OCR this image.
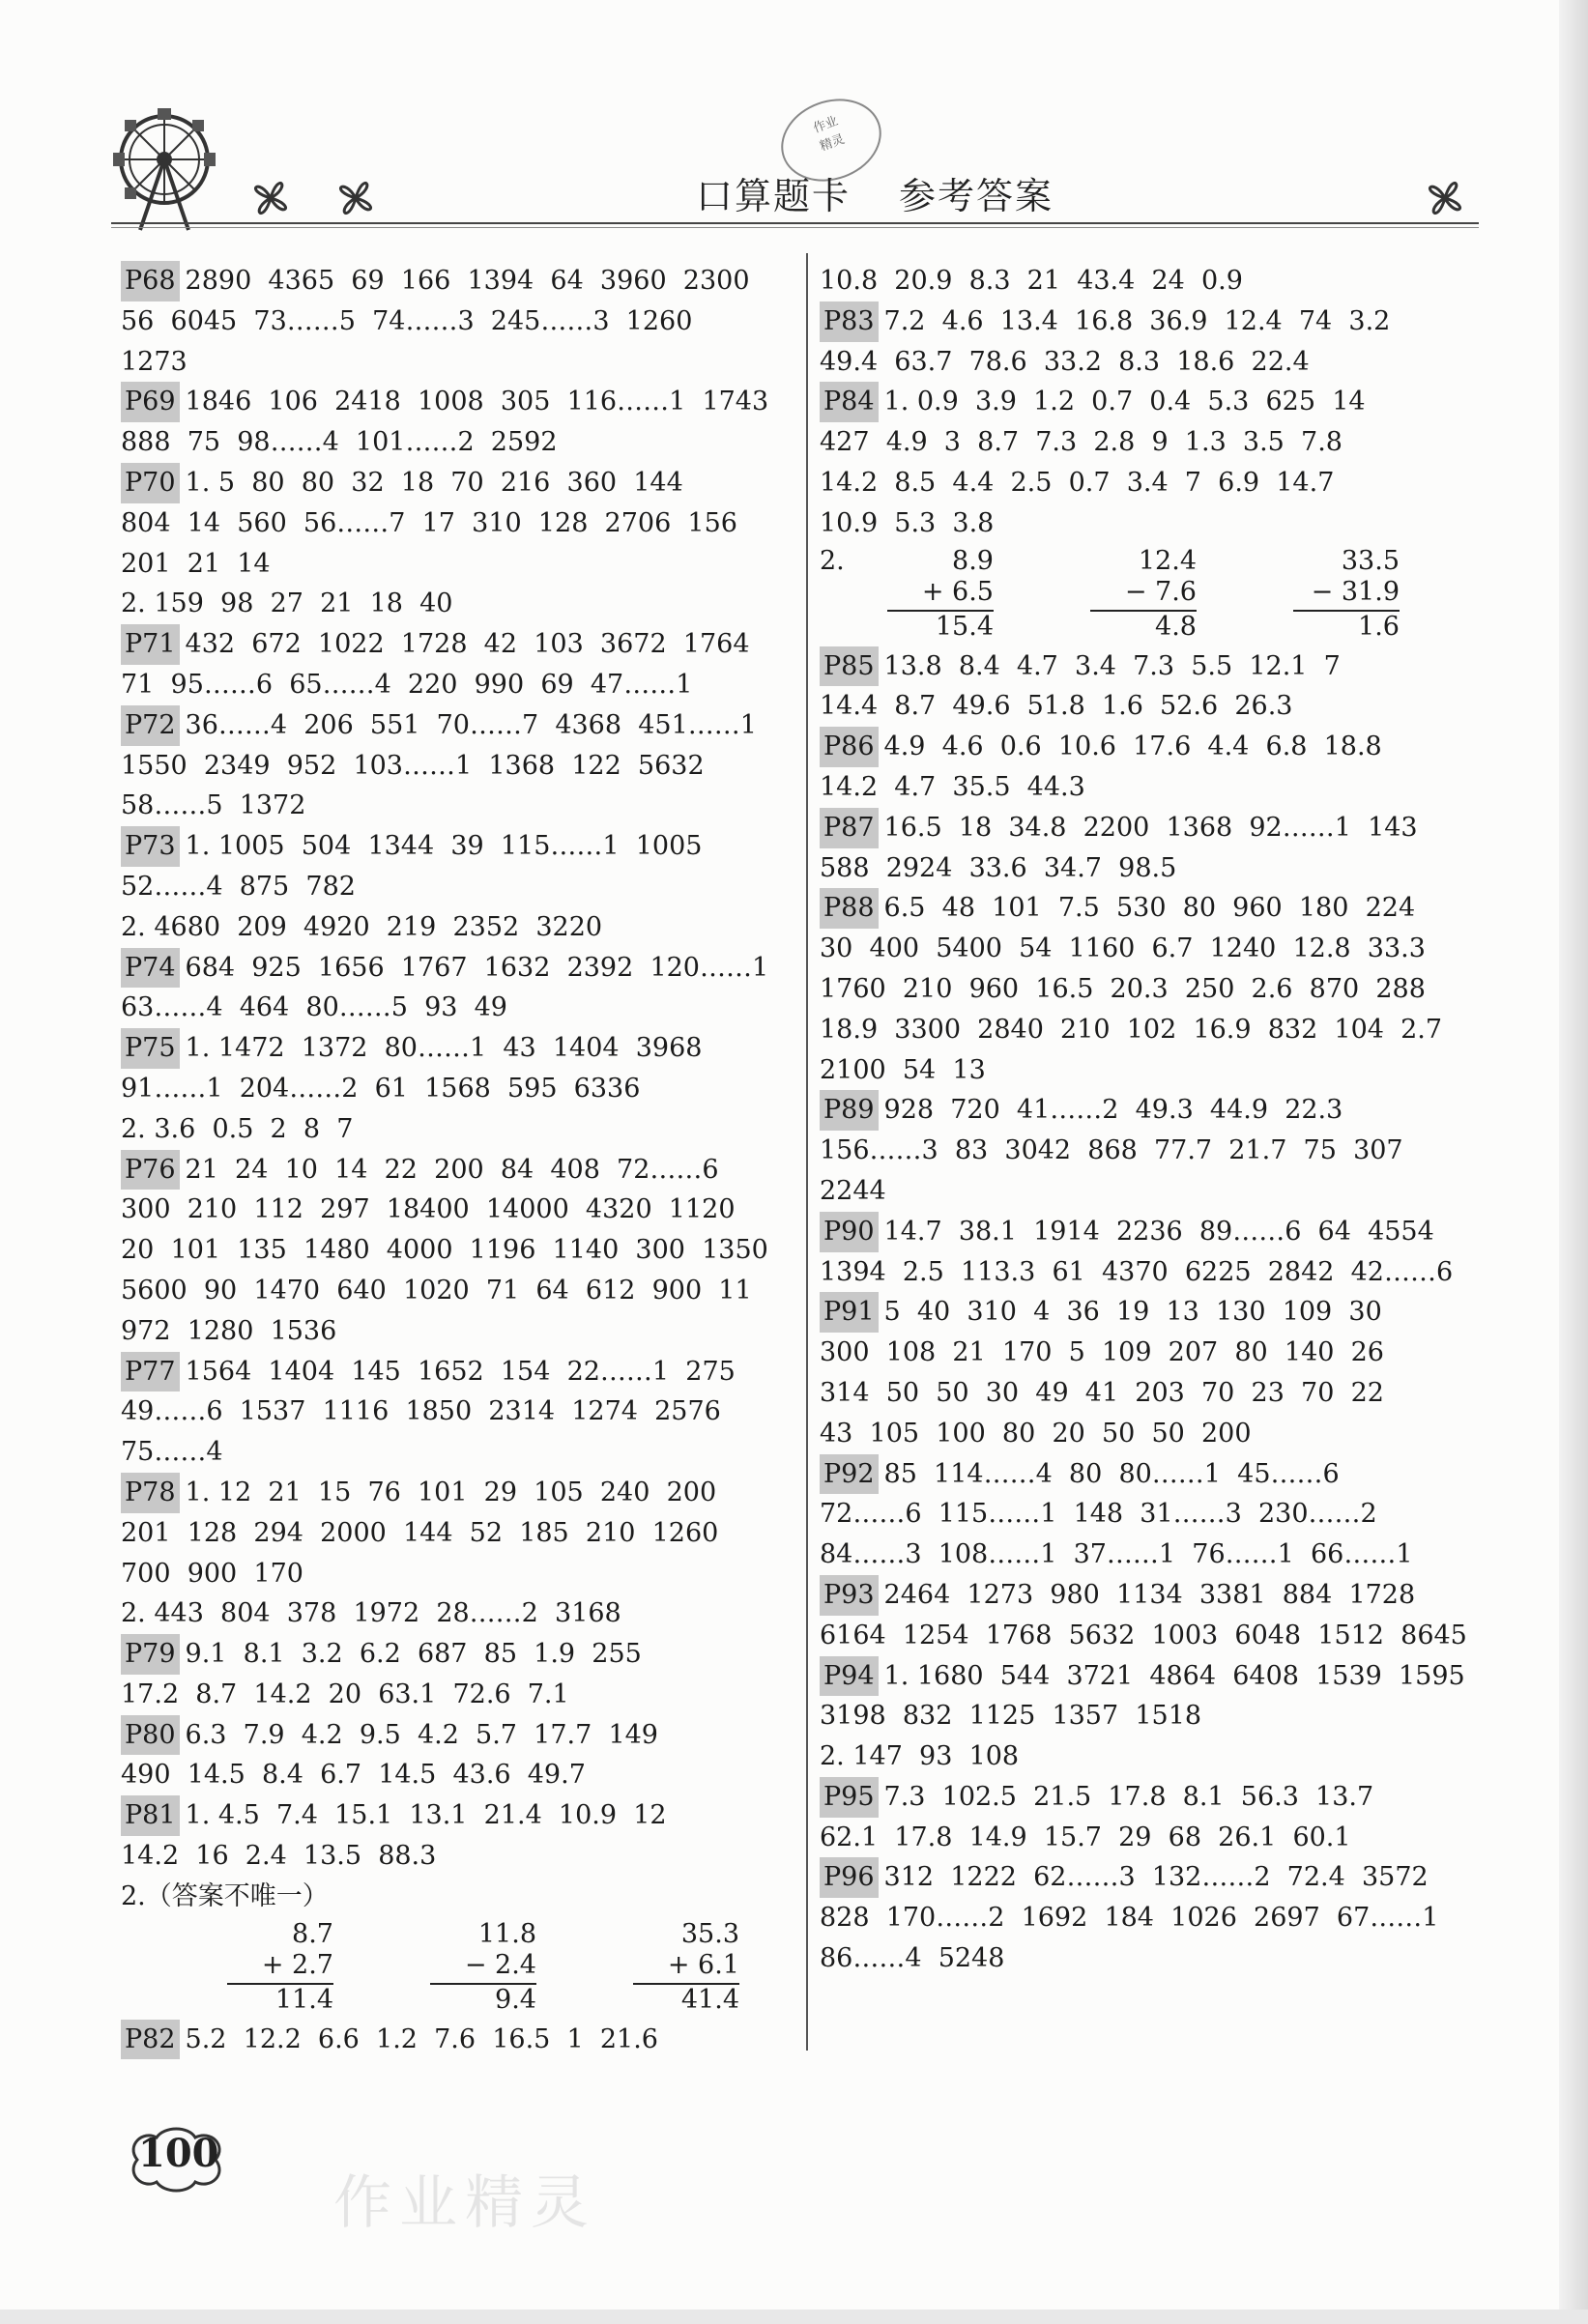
作业
精灵
口算题卡 参考答案
P68 2890  4365  69  166  1394  64  3960  2300
56  6045  73……5  74……3  245……3  1260
1273
P69 1846  106  2418  1008  305  116……1  1743
888  75  98……4  101……2  2592
P70 1. 5  80  80  32  18  70  216  360  144
804  14  560  56……7  17  310  128  2706  156
201  21  14
2. 159  98  27  21  18  40
P71 432  672  1022  1728  42  103  3672  1764
71  95……6  65……4  220  990  69  47……1
P72 36……4  206  551  70……7  4368  451……1
1550  2349  952  103……1  1368  122  5632
58……5  1372
P73 1. 1005  504  1344  39  115……1  1005
52……4  875  782
2. 4680  209  4920  219  2352  3220
P74 684  925  1656  1767  1632  2392  120……1
63……4  464  80……5  93  49
P75 1. 1472  1372  80……1  43  1404  3968
91……1  204……2  61  1568  595  6336
2. 3.6  0.5  2  8  7
P76 21  24  10  14  22  200  84  408  72……6
300  210  112  297  18400  14000  4320  1120
20  101  135  1480  4000  1196  1140  300  1350
5600  90  1470  640  1020  71  64  612  900  11
972  1280  1536
P77 1564  1404  145  1652  154  22……1  275
49……6  1537  1116  1850  2314  1274  2576
75……4
P78 1. 12  21  15  76  101  29  105  240  200
201  128  294  2000  144  52  185  210  1260
700  900  170
2. 443  804  378  1972  28……2  3168
P79 9.1  8.1  3.2  6.2  687  85  1.9  255
17.2  8.7  14.2  20  63.1  72.6  7.1
P80 6.3  7.9  4.2  9.5  4.2  5.7  17.7  149
490  14.5  8.4  6.7  14.5  43.6  49.7
P81 1. 4.5  7.4  15.1  13.1  21.4  10.9  12
14.2  16  2.4  13.5  88.3
2.（答案不唯一）
8.7
+ 2.7
11.4
11.8
− 2.4
9.4
35.3
+ 6.1
41.4
P82 5.2  12.2  6.6  1.2  7.6  16.5  1  21.6
10.8  20.9  8.3  21  43.4  24  0.9
P83 7.2  4.6  13.4  16.8  36.9  12.4  74  3.2
49.4  63.7  78.6  33.2  8.3  18.6  22.4
P84 1. 0.9  3.9  1.2  0.7  0.4  5.3  625  14
427  4.9  3  8.7  7.3  2.8  9  1.3  3.5  7.8
14.2  8.5  4.4  2.5  0.7  3.4  7  6.9  14.7
10.9  5.3  3.8
2.	8.9
+ 6.5
15.4
12.4
− 7.6
4.8
33.5
− 31.9
1.6
P85 13.8  8.4  4.7  3.4  7.3  5.5  12.1  7
14.4  8.7  49.6  51.8  1.6  52.6  26.3
P86 4.9  4.6  0.6  10.6  17.6  4.4  6.8  18.8
14.2  4.7  35.5  44.3
P87 16.5  18  34.8  2200  1368  92……1  143
588  2924  33.6  34.7  98.5
P88 6.5  48  101  7.5  530  80  960  180  224
30  400  5400  54  1160  6.7  1240  12.8  33.3
1760  210  960  16.5  20.3  250  2.6  870  288
18.9  3300  2840  210  102  16.9  832  104  2.7
2100  54  13
P89 928  720  41……2  49.3  44.9  22.3
156……3  83  3042  868  77.7  21.7  75  307
2244
P90 14.7  38.1  1914  2236  89……6  64  4554
1394  2.5  113.3  61  4370  6225  2842  42……6
P91 5  40  310  4  36  19  13  130  109  30
300  108  21  170  5  109  207  80  140  26
314  50  50  30  49  41  203  70  23  70  22
43  105  100  80  20  50  50  200
P92 85  114……4  80  80……1  45……6
72……6  115……1  148  31……3  230……2
84……3  108……1  37……1  76……1  66……1
P93 2464  1273  980  1134  3381  884  1728
6164  1254  1768  5632  1003  6048  1512  8645
P94 1. 1680  544  3721  4864  6408  1539  1595
3198  832  1125  1357  1518
2. 147  93  108
P95 7.3  102.5  21.5  17.8  8.1  56.3  13.7
62.1  17.8  14.9  15.7  29  68  26.1  60.1
P96 312  1222  62……3  132……2  72.4  3572
828  170……2  1692  184  1026  2697  67……1
86……4  5248
100
作业精灵
